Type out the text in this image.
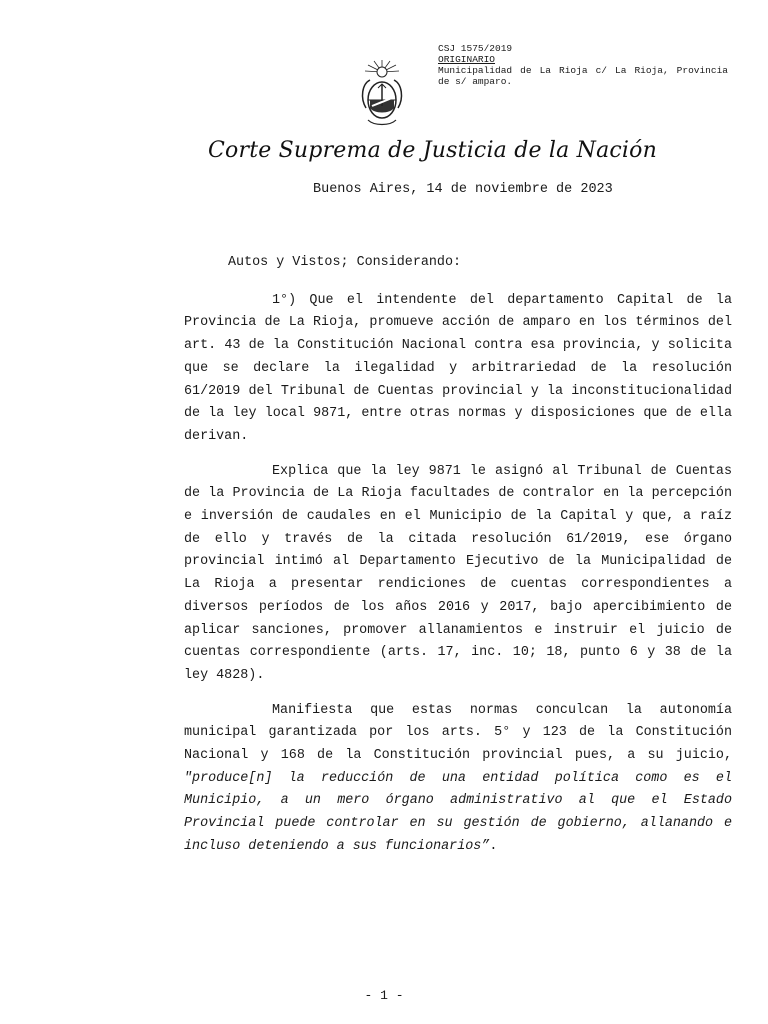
CSJ 1575/2019
ORIGINARIO
Municipalidad de La Rioja c/ La Rioja, Provincia de s/ amparo.
Corte Suprema de Justicia de la Nación
Buenos Aires, 14 de noviembre de 2023

Autos y Vistos; Considerando:

1°) Que el intendente del departamento Capital de la Provincia de La Rioja, promueve acción de amparo en los términos del art. 43 de la Constitución Nacional contra esa provincia, y solicita que se declare la ilegalidad y arbitrariedad de la resolución 61/2019 del Tribunal de Cuentas provincial y la inconstitucionalidad de la ley local 9871, entre otras normas y disposiciones que de ella derivan.

Explica que la ley 9871 le asignó al Tribunal de Cuentas de la Provincia de La Rioja facultades de contralor en la percepción e inversión de caudales en el Municipio de la Capital y que, a raíz de ello y través de la citada resolución 61/2019, ese órgano provincial intimó al Departamento Ejecutivo de la Municipalidad de La Rioja a presentar rendiciones de cuentas correspondientes a diversos períodos de los años 2016 y 2017, bajo apercibimiento de aplicar sanciones, promover allanamientos e instruir el juicio de cuentas correspondiente (arts. 17, inc. 10; 18, punto 6 y 38 de la ley 4828).

Manifiesta que estas normas conculcan la autonomía municipal garantizada por los arts. 5° y 123 de la Constitución Nacional y 168 de la Constitución provincial pues, a su juicio, "produce[n] la reducción de una entidad política como es el Municipio, a un mero órgano administrativo al que el Estado Provincial puede controlar en su gestión de gobierno, allanando e incluso deteniendo a sus funcionarios”.

- 1 -
